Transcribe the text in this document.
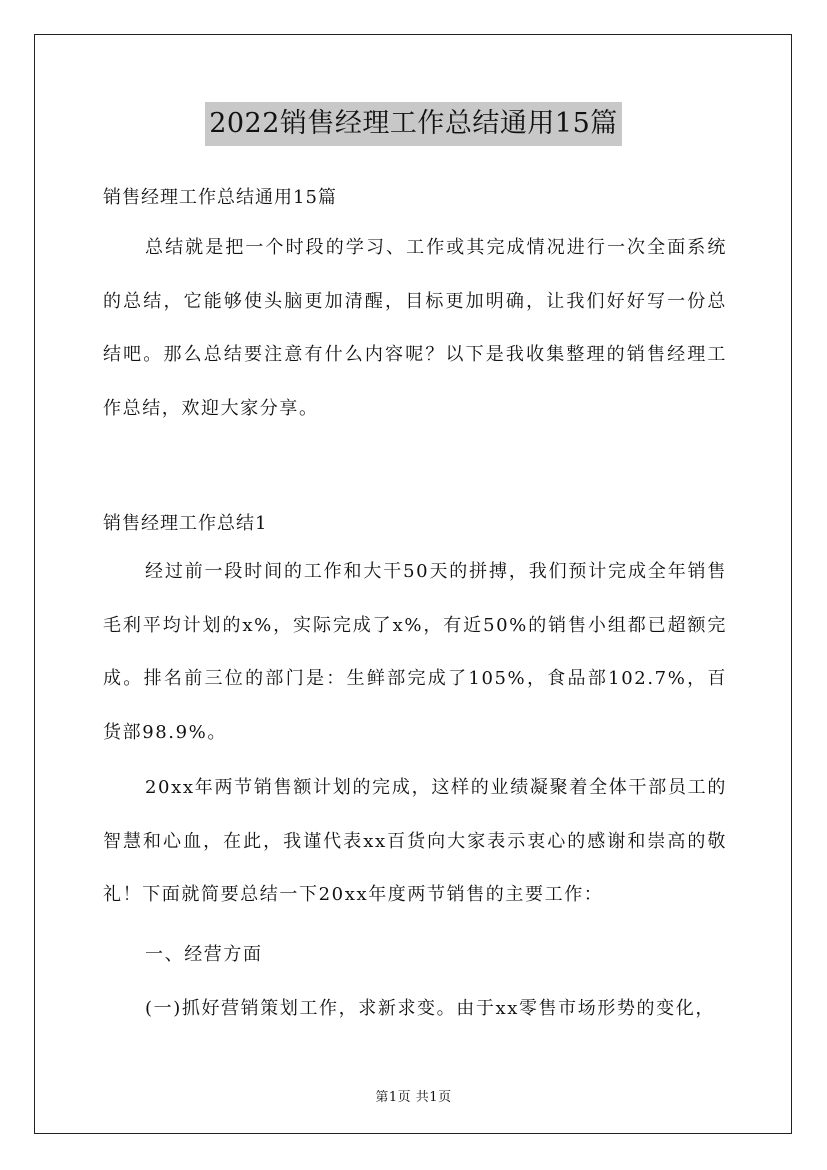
2022销售经理工作总结通用15篇
销售经理工作总结通用15篇

总结就是把一个时段的学习、工作或其完成情况进行一次全面系统的总结，它能够使头脑更加清醒，目标更加明确，让我们好好写一份总结吧。那么总结要注意有什么内容呢？以下是我收集整理的销售经理工作总结，欢迎大家分享。

销售经理工作总结1

经过前一段时间的工作和大干50天的拼搏，我们预计完成全年销售毛利平均计划的x%，实际完成了x%，有近50%的销售小组都已超额完成。排名前三位的部门是：生鲜部完成了105%，食品部102.7%，百货部98.9%。

20xx年两节销售额计划的完成，这样的业绩凝聚着全体干部员工的智慧和心血，在此，我谨代表xx百货向大家表示衷心的感谢和崇高的敬礼！下面就简要总结一下20xx年度两节销售的主要工作：

一、经营方面
(一)抓好营销策划工作，求新求变。由于xx零售市场形势的变化，
第1页 共1页
